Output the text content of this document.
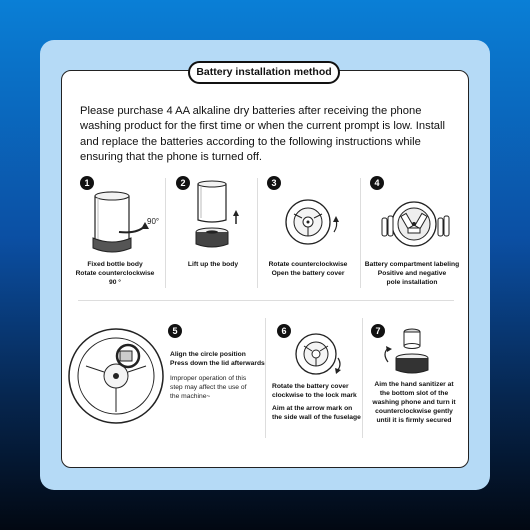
Battery installation method

Please purchase 4 AA alkaline dry batteries after receiving the phone washing product for the first time or when the current prompt is low. Install and replace the batteries according to the following instructions while ensuring that the phone is turned off.

1
90°
Fixed bottle body
Rotate counterclockwise 90 °
2
Lift up the body
3
Rotate counterclockwise
Open the battery cover
4
Battery compartment labeling
Positive and negative
pole installation
5
Align the circle position
Press down the lid afterwards
Improper operation of this
step may affect the use of
the machine~
6
Rotate the battery cover
clockwise to the lock mark
Aim at the arrow mark on
the side wall of the fuselage
7
Aim the hand sanitizer at
the bottom slot of the
washing phone and turn it
counterclockwise gently
until it is firmly secured
